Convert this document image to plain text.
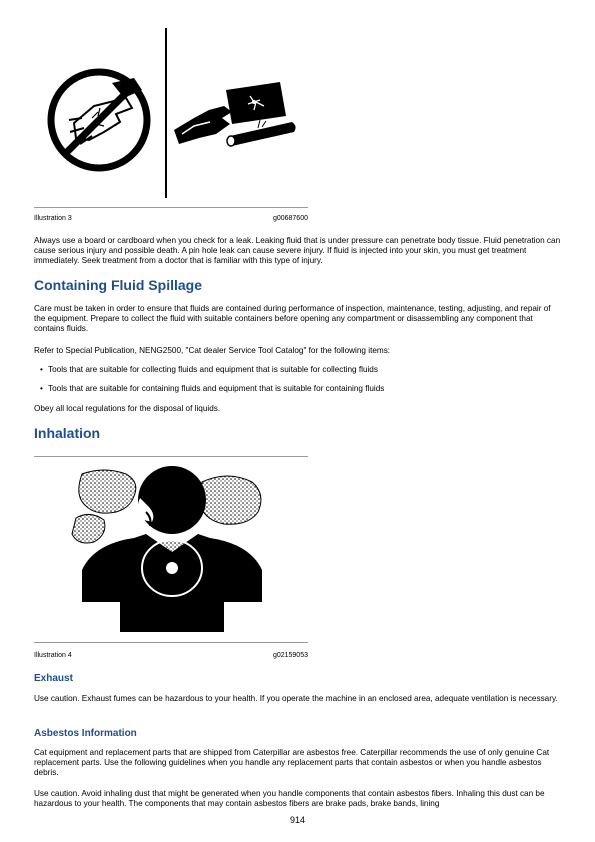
Illustration 3	g00687600
Always use a board or cardboard when you check for a leak. Leaking fluid that is under pressure can penetrate body tissue. Fluid penetration can cause serious injury and possible death. A pin hole leak can cause severe injury. If fluid is injected into your skin, you must get treatment immediately. Seek treatment from a doctor that is familiar with this type of injury.
Containing Fluid Spillage
Care must be taken in order to ensure that fluids are contained during performance of inspection, maintenance, testing, adjusting, and repair of the equipment. Prepare to collect the fluid with suitable containers before opening any compartment or disassembling any component that contains fluids.
Refer to Special Publication, NENG2500, "Cat dealer Service Tool Catalog" for the following items:
• Tools that are suitable for collecting fluids and equipment that is suitable for collecting fluids
• Tools that are suitable for containing fluids and equipment that is suitable for containing fluids
Obey all local regulations for the disposal of liquids.
Inhalation
Illustration 4	g02159053
Exhaust
Use caution. Exhaust fumes can be hazardous to your health. If you operate the machine in an enclosed area, adequate ventilation is necessary.
Asbestos Information
Cat equipment and replacement parts that are shipped from Caterpillar are asbestos free. Caterpillar recommends the use of only genuine Cat replacement parts. Use the following guidelines when you handle any replacement parts that contain asbestos or when you handle asbestos debris.
Use caution. Avoid inhaling dust that might be generated when you handle components that contain asbestos fibers. Inhaling this dust can be hazardous to your health. The components that may contain asbestos fibers are brake pads, brake bands, lining
914
